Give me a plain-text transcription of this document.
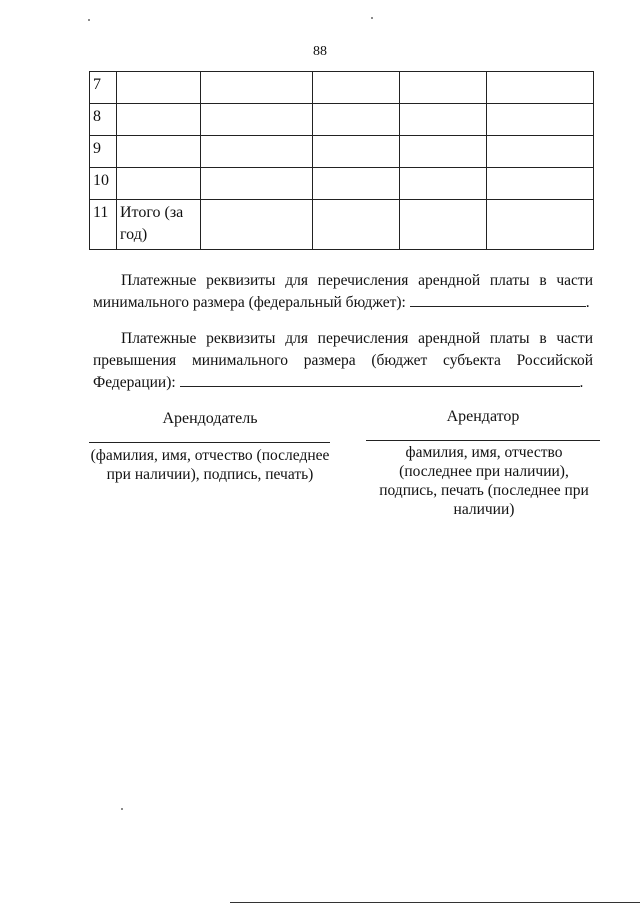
88
7					
8					
9					
10					
11	Итого (за год)				
Платежные реквизиты для перечисления арендной платы в части минимального размера (федеральный бюджет):	.
Платежные реквизиты для перечисления арендной платы в части превышения минимального размера (бюджет субъекта Российской Федерации):	.
Арендодатель	Арендатор
(фамилия, имя, отчество (последнее при наличии), подпись, печать)
фамилия, имя, отчество (последнее при наличии), подпись, печать (последнее при наличии)
